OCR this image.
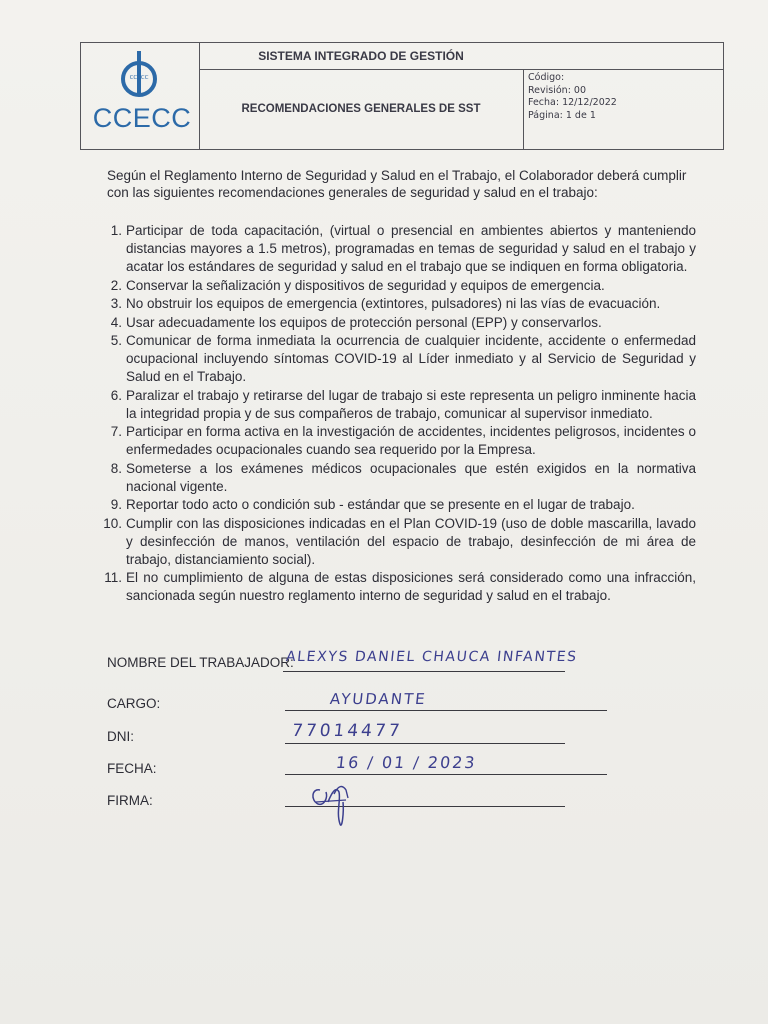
CCECC
CCECC
SISTEMA INTEGRADO DE GESTIÓN
RECOMENDACIONES GENERALES DE SST
Código:
Revisión: 00
Fecha: 12/12/2022
Página: 1 de 1
Según el Reglamento Interno de Seguridad y Salud en el Trabajo, el Colaborador deberá cumplir con las siguientes recomendaciones generales de seguridad y salud en el trabajo:
1. Participar de toda capacitación, (virtual o presencial en ambientes abiertos y manteniendo distancias mayores a 1.5 metros), programadas en temas de seguridad y salud en el trabajo y acatar los estándares de seguridad y salud en el trabajo que se indiquen en forma obligatoria.
2. Conservar la señalización y dispositivos de seguridad y equipos de emergencia.
3. No obstruir los equipos de emergencia (extintores, pulsadores) ni las vías de evacuación.
4. Usar adecuadamente los equipos de protección personal (EPP) y conservarlos.
5. Comunicar de forma inmediata la ocurrencia de cualquier incidente, accidente o enfermedad ocupacional incluyendo síntomas COVID-19 al Líder inmediato y al Servicio de Seguridad y Salud en el Trabajo.
6. Paralizar el trabajo y retirarse del lugar de trabajo si este representa un peligro inminente hacia la integridad propia y de sus compañeros de trabajo, comunicar al supervisor inmediato.
7. Participar en forma activa en la investigación de accidentes, incidentes peligrosos, incidentes o enfermedades ocupacionales cuando sea requerido por la Empresa.
8. Someterse a los exámenes médicos ocupacionales que estén exigidos en la normativa nacional vigente.
9. Reportar todo acto o condición sub - estándar que se presente en el lugar de trabajo.
10. Cumplir con las disposiciones indicadas en el Plan COVID-19 (uso de doble mascarilla, lavado y desinfección de manos, ventilación del espacio de trabajo, desinfección de mi área de trabajo, distanciamiento social).
11. El no cumplimiento de alguna de estas disposiciones será considerado como una infracción, sancionada según nuestro reglamento interno de seguridad y salud en el trabajo.
NOMBRE DEL TRABAJADOR:
ALEXYS DANIEL CHAUCA INFANTES
CARGO:	AYUDANTE
DNI:	77014477
FECHA:	16 / 01 / 2023
FIRMA:
